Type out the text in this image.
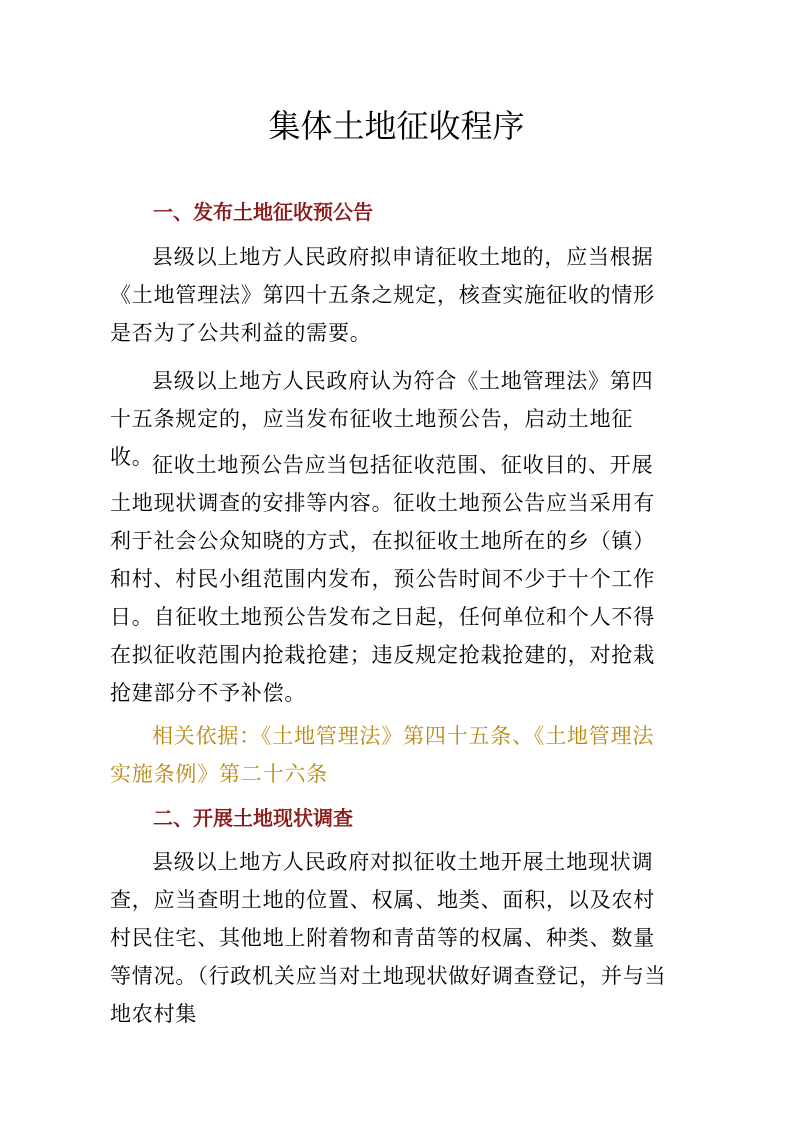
集体土地征收程序
一、发布土地征收预公告

县级以上地方人民政府拟申请征收土地的，应当根据《土地管理法》第四十五条之规定，核查实施征收的情形是否为了公共利益的需要。

县级以上地方人民政府认为符合《土地管理法》第四十五条规定的，应当发布征收土地预公告，启动土地征收。

征收土地预公告应当包括征收范围、征收目的、开展土地现状调查的安排等内容。征收土地预公告应当采用有利于社会公众知晓的方式，在拟征收土地所在的乡（镇）和村、村民小组范围内发布，预公告时间不少于十个工作日。自征收土地预公告发布之日起，任何单位和个人不得在拟征收范围内抢栽抢建；违反规定抢栽抢建的，对抢栽抢建部分不予补偿。

相关依据：《土地管理法》第四十五条、《土地管理法实施条例》第二十六条

二、开展土地现状调查

县级以上地方人民政府对拟征收土地开展土地现状调查，应当查明土地的位置、权属、地类、面积，以及农村村民住宅、其他地上附着物和青苗等的权属、种类、数量等情况。（行政机关应当对土地现状做好调查登记，并与当地农村集
